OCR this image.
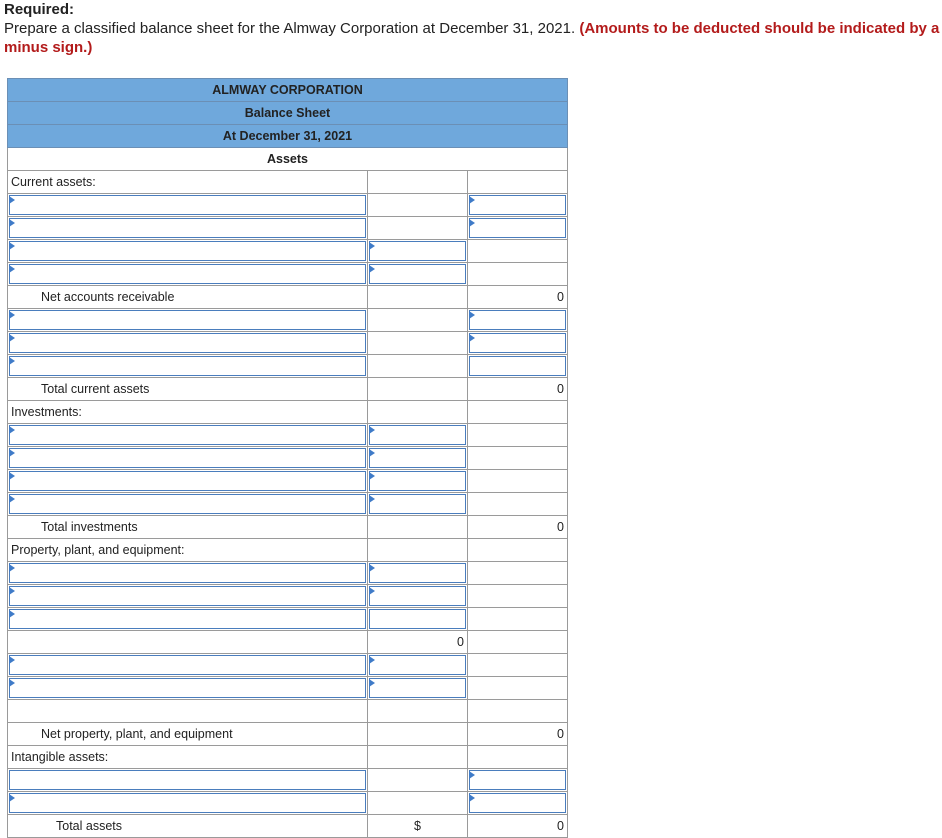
Required:
Prepare a classified balance sheet for the Almway Corporation at December 31, 2021. (Amounts to be deducted should be indicated by a minus sign.)
ALMWAY CORPORATION		
Balance Sheet		
At December 31, 2021		
Assets		
Current assets:		

Net accounts receivable		0

Total current assets		0
Investments:		

Total investments		0
Property, plant, and equipment:		

	0	

Net property, plant, and equipment		0
Intangible assets:		

Total assets	$	0
